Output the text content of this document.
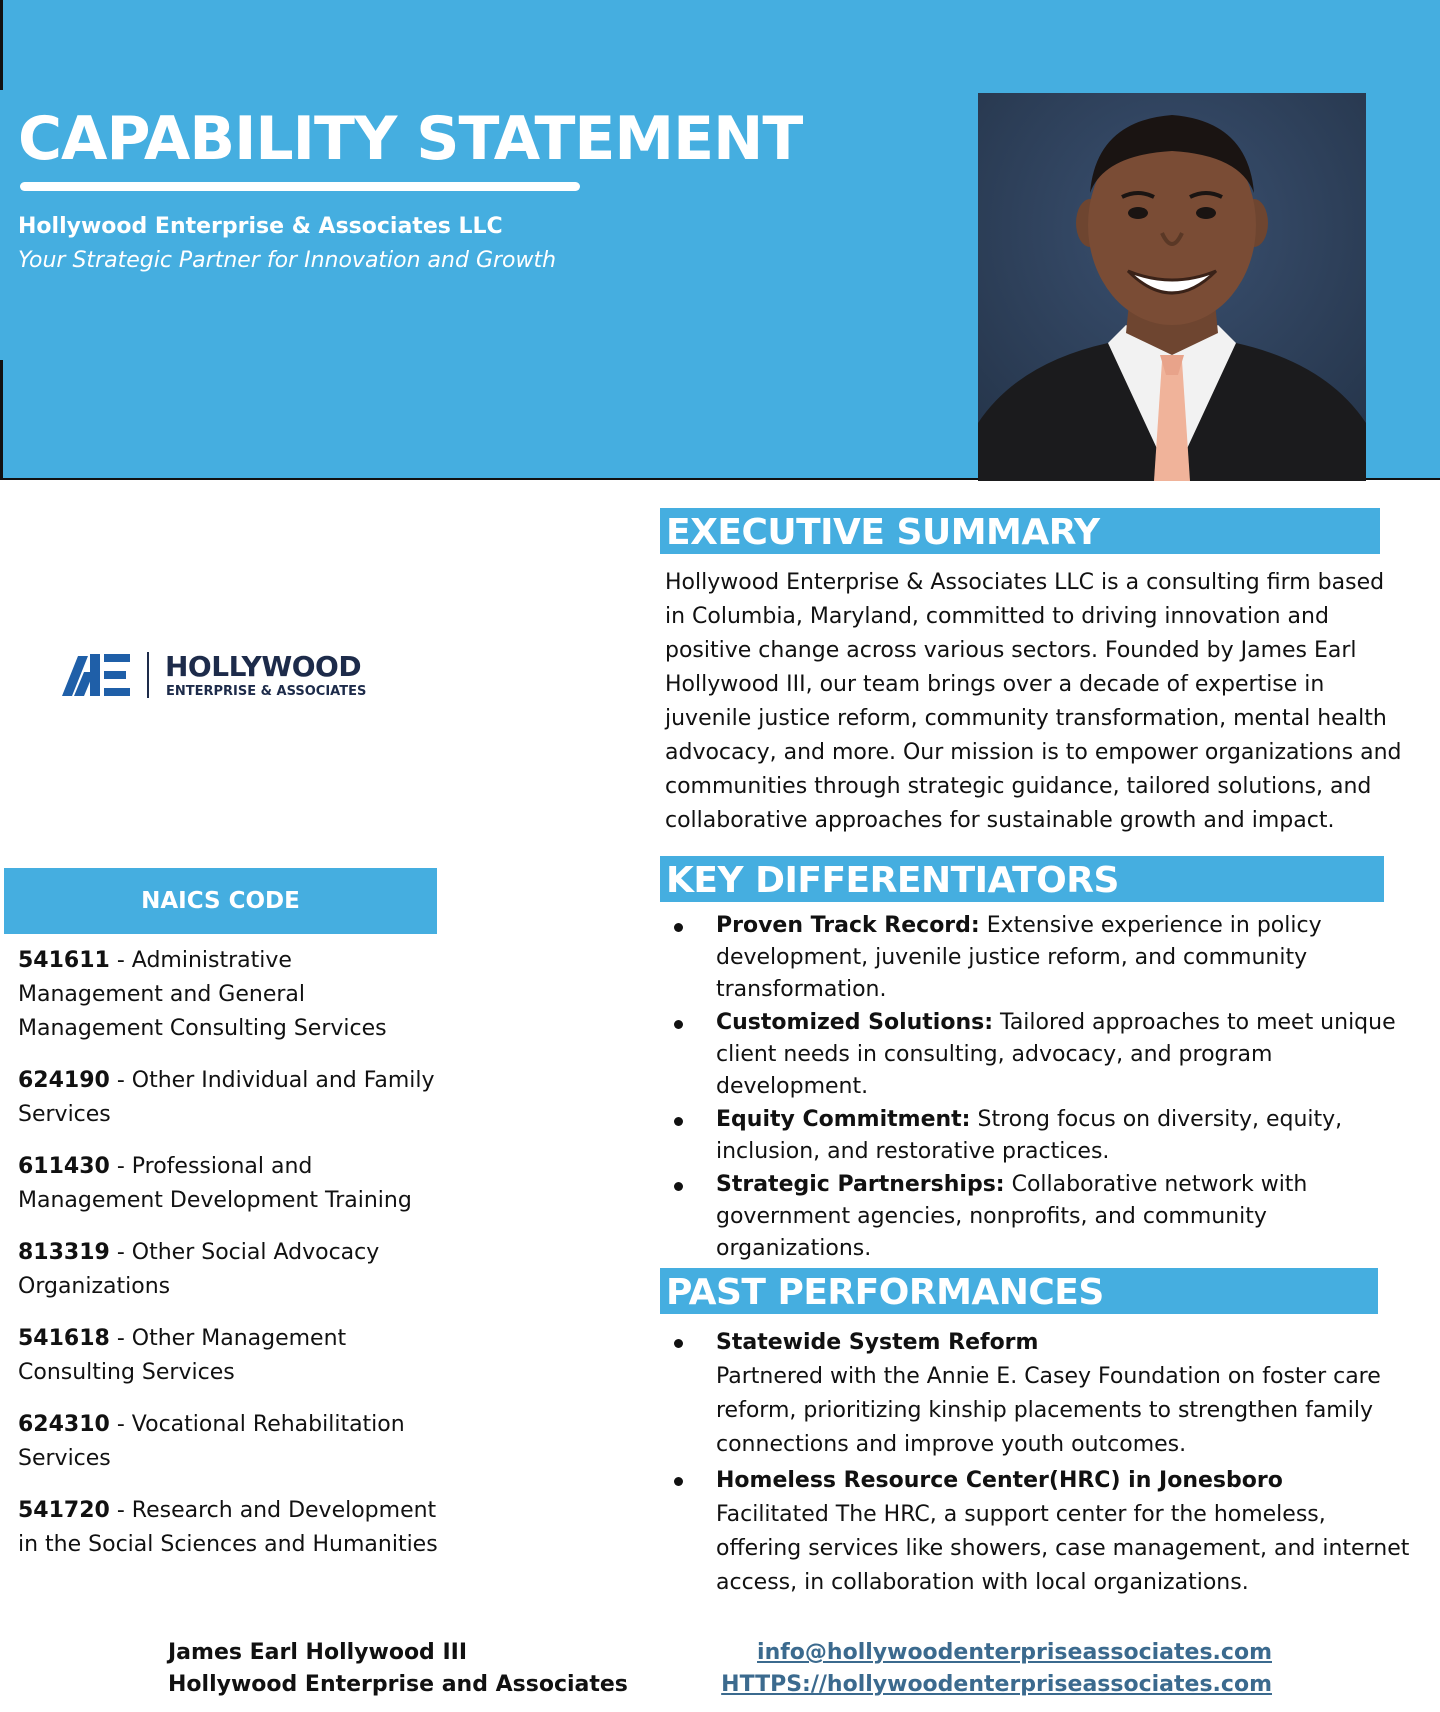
CAPABILITY STATEMENT
Hollywood Enterprise & Associates LLC
Your Strategic Partner for Innovation and Growth
HOLLYWOOD
ENTERPRISE & ASSOCIATES
NAICS CODE

541611 - Administrative Management and General Management Consulting Services

624190 - Other Individual and Family Services

611430 - Professional and Management Development Training

813319 - Other Social Advocacy Organizations

541618 - Other Management Consulting Services

624310 - Vocational Rehabilitation Services

541720 - Research and Development in the Social Sciences and Humanities

EXECUTIVE SUMMARY

Hollywood Enterprise & Associates LLC is a consulting firm based in Columbia, Maryland, committed to driving innovation and positive change across various sectors. Founded by James Earl Hollywood III, our team brings over a decade of expertise in juvenile justice reform, community transformation, mental health advocacy, and more. Our mission is to empower organizations and communities through strategic guidance, tailored solutions, and collaborative approaches for sustainable growth and impact.

KEY DIFFERENTIATORS
Proven Track Record: Extensive experience in policy development, juvenile justice reform, and community transformation.
Customized Solutions: Tailored approaches to meet unique client needs in consulting, advocacy, and program development.
Equity Commitment: Strong focus on diversity, equity, inclusion, and restorative practices.
Strategic Partnerships: Collaborative network with government agencies, nonprofits, and community organizations.
PAST PERFORMANCES
Statewide System Reform
Partnered with the Annie E. Casey Foundation on foster care reform, prioritizing kinship placements to strengthen family connections and improve youth outcomes.
Homeless Resource Center(HRC) in Jonesboro
Facilitated The HRC, a support center for the homeless, offering services like showers, case management, and internet access, in collaboration with local organizations.
James Earl Hollywood III
Hollywood Enterprise and Associates
info@hollywoodenterpriseassociates.com
HTTPS://hollywoodenterpriseassociates.com
